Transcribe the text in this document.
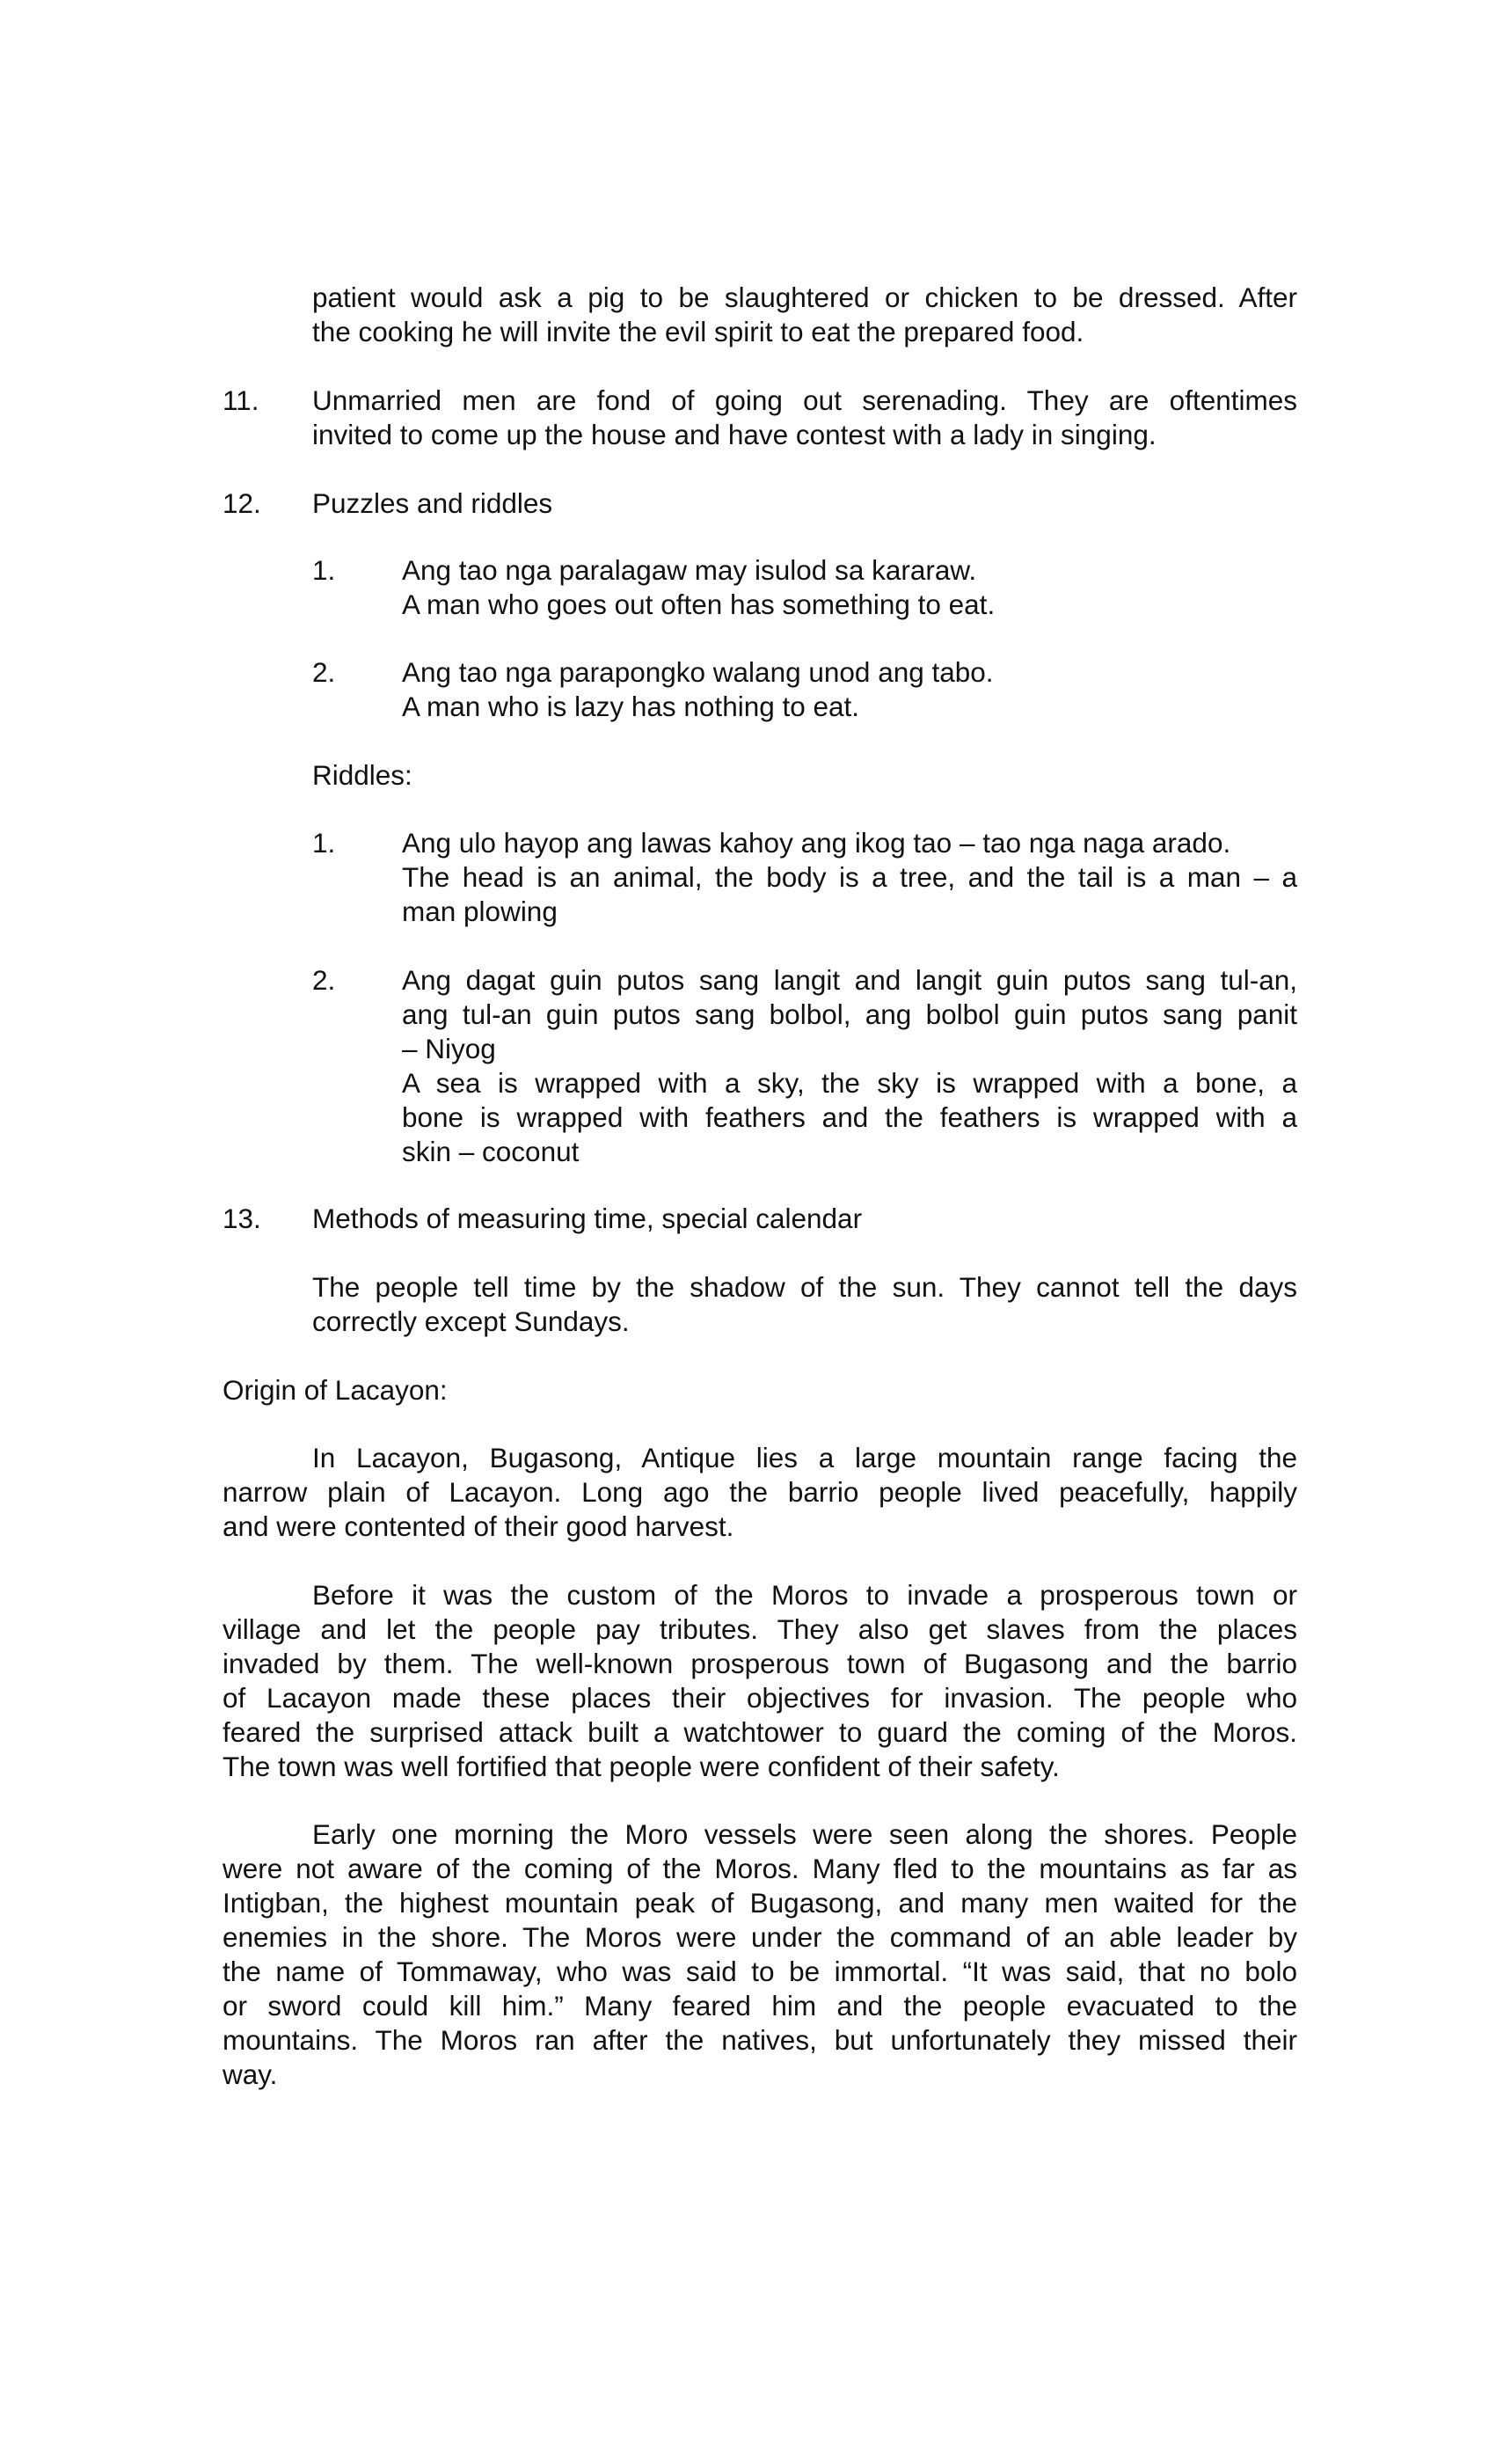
patient would ask a pig to be slaughtered or chicken to be dressed. After
the cooking he will invite the evil spirit to eat the prepared food.
11. Unmarried men are fond of going out serenading. They are oftentimes
invited to come up the house and have contest with a lady in singing.
12. Puzzles and riddles
1. Ang tao nga paralagaw may isulod sa kararaw.
A man who goes out often has something to eat.
2. Ang tao nga parapongko walang unod ang tabo.
A man who is lazy has nothing to eat.
Riddles:
1. Ang ulo hayop ang lawas kahoy ang ikog tao – tao nga naga arado.
The head is an animal, the body is a tree, and the tail is a man – a
man plowing
2. Ang dagat guin putos sang langit and langit guin putos sang tul-an,
ang tul-an guin putos sang bolbol, ang bolbol guin putos sang panit
– Niyog
A sea is wrapped with a sky, the sky is wrapped with a bone, a
bone is wrapped with feathers and the feathers is wrapped with a
skin – coconut
13. Methods of measuring time, special calendar
The people tell time by the shadow of the sun. They cannot tell the days
correctly except Sundays.
Origin of Lacayon:
In Lacayon, Bugasong, Antique lies a large mountain range facing the
narrow plain of Lacayon. Long ago the barrio people lived peacefully, happily
and were contented of their good harvest.
Before it was the custom of the Moros to invade a prosperous town or
village and let the people pay tributes. They also get slaves from the places
invaded by them. The well-known prosperous town of Bugasong and the barrio
of Lacayon made these places their objectives for invasion. The people who
feared the surprised attack built a watchtower to guard the coming of the Moros.
The town was well fortified that people were confident of their safety.
Early one morning the Moro vessels were seen along the shores. People
were not aware of the coming of the Moros. Many fled to the mountains as far as
Intigban, the highest mountain peak of Bugasong, and many men waited for the
enemies in the shore. The Moros were under the command of an able leader by
the name of Tommaway, who was said to be immortal. “It was said, that no bolo
or sword could kill him.” Many feared him and the people evacuated to the
mountains. The Moros ran after the natives, but unfortunately they missed their
way.
